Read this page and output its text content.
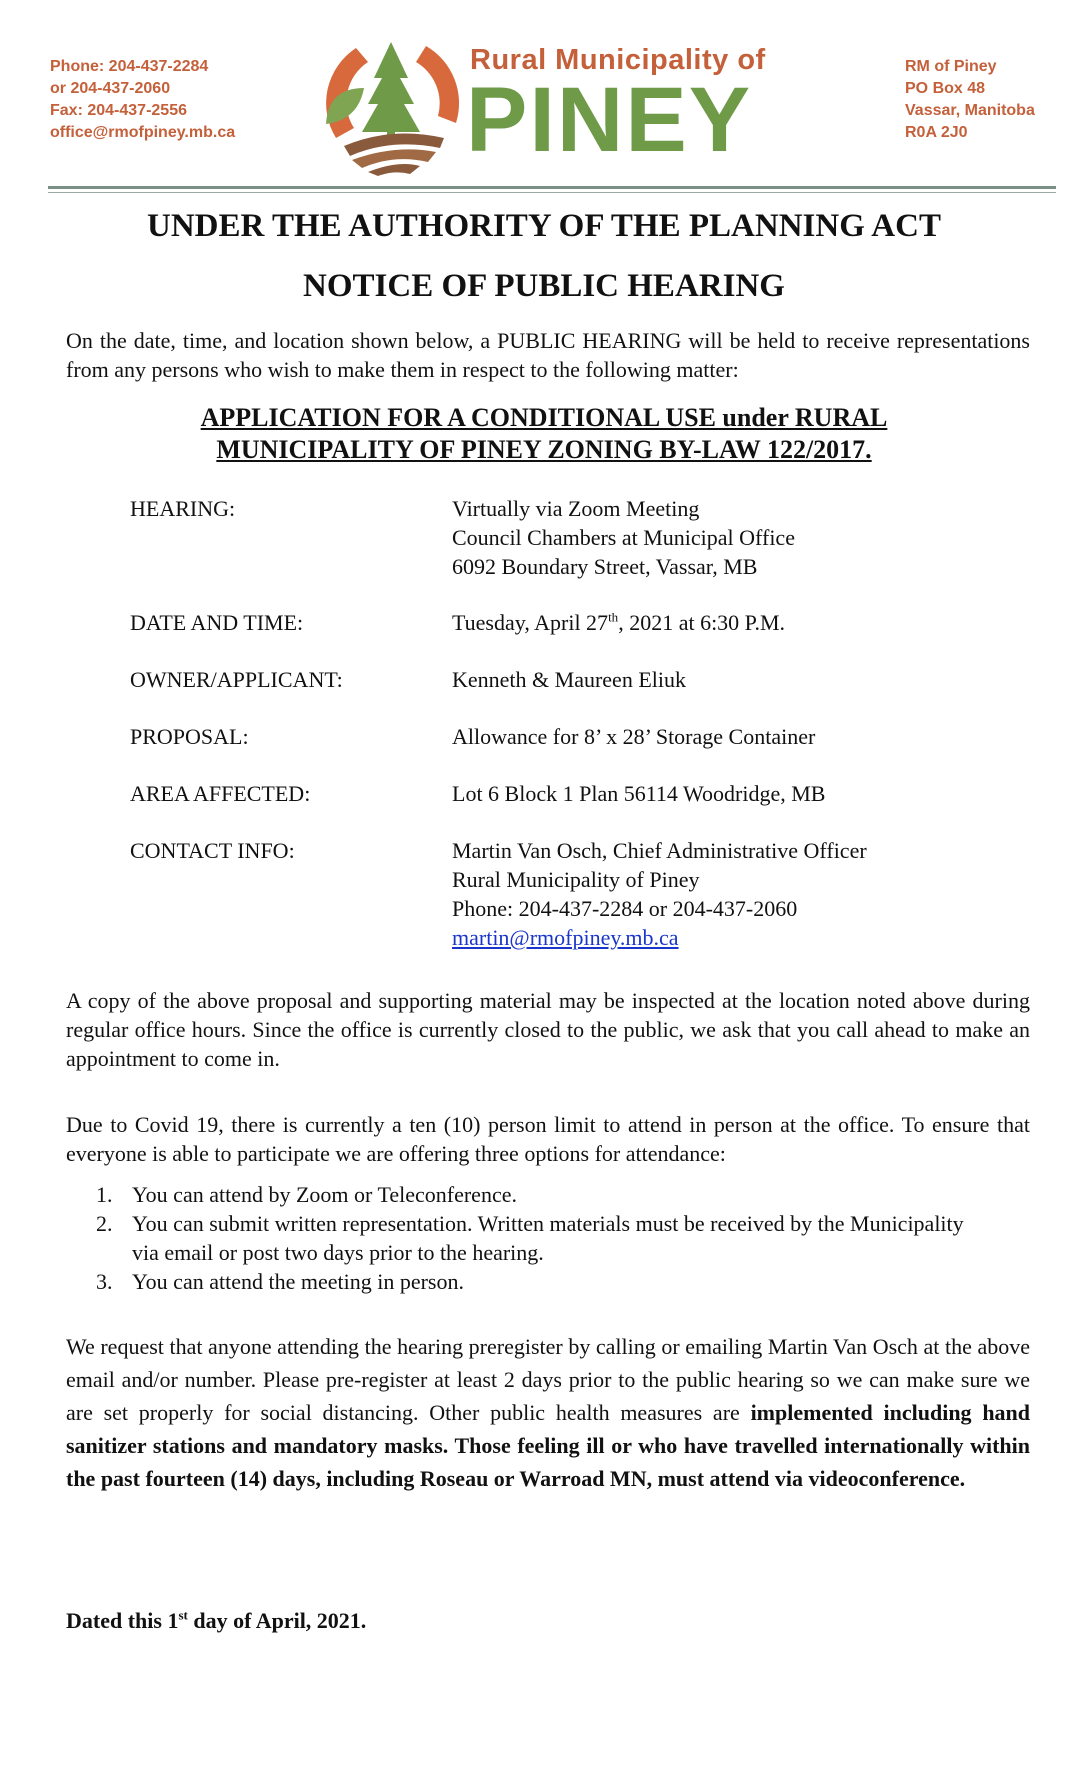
Phone: 204-437-2284
or 204-437-2060
Fax: 204-437-2556
office@rmofpiney.mb.ca
Rural Municipality of
PINEY
RM of Piney
PO Box 48
Vassar, Manitoba
R0A 2J0
UNDER THE AUTHORITY OF THE PLANNING ACT
NOTICE OF PUBLIC HEARING
On the date, time, and location shown below, a PUBLIC HEARING will be held to receive representations from any persons who wish to make them in respect to the following matter:
APPLICATION FOR A CONDITIONAL USE under RURAL
MUNICIPALITY OF PINEY ZONING BY-LAW 122/2017.
HEARING:	Virtually via Zoom Meeting
Council Chambers at Municipal Office
6092 Boundary Street, Vassar, MB
DATE AND TIME:	Tuesday, April 27th, 2021 at 6:30 P.M.
OWNER/APPLICANT:	Kenneth & Maureen Eliuk
PROPOSAL:	Allowance for 8’ x 28’ Storage Container
AREA AFFECTED:	Lot 6 Block 1 Plan 56114 Woodridge, MB
CONTACT INFO:	Martin Van Osch, Chief Administrative Officer
Rural Municipality of Piney
Phone: 204-437-2284 or 204-437-2060
martin@rmofpiney.mb.ca
A copy of the above proposal and supporting material may be inspected at the location noted above during regular office hours. Since the office is currently closed to the public, we ask that you call ahead to make an appointment to come in.
Due to Covid 19, there is currently a ten (10) person limit to attend in person at the office. To ensure that everyone is able to participate we are offering three options for attendance:
1. You can attend by Zoom or Teleconference.
2. You can submit written representation. Written materials must be received by the Municipality via email or post two days prior to the hearing.
3. You can attend the meeting in person.
We request that anyone attending the hearing preregister by calling or emailing Martin Van Osch at the above email and/or number. Please pre-register at least 2 days prior to the public hearing so we can make sure we are set properly for social distancing. Other public health measures are implemented including hand sanitizer stations and mandatory masks. Those feeling ill or who have travelled internationally within the past fourteen (14) days, including Roseau or Warroad MN, must attend via videoconference.
Dated this 1st day of April, 2021.
